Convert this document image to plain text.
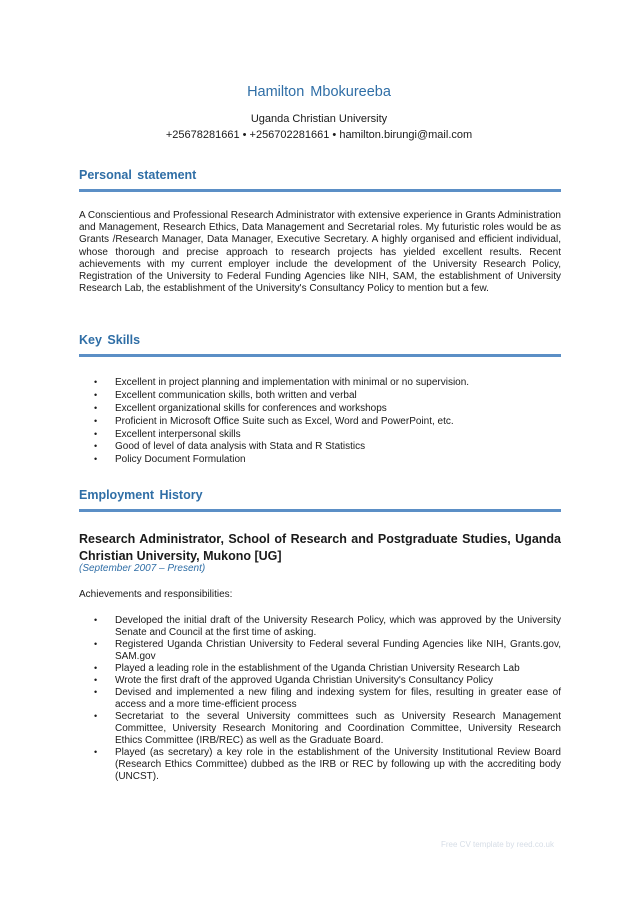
Hamilton Mbokureeba
Uganda Christian University
+25678281661 • +256702281661 • hamilton.birungi@mail.com
Personal statement
A Conscientious and Professional Research Administrator with extensive experience in Grants Administration and Management, Research Ethics, Data Management and Secretarial roles. My futuristic roles would be as Grants /Research Manager, Data Manager, Executive Secretary. A highly organised and efficient individual, whose thorough and precise approach to research projects has yielded excellent results. Recent achievements with my current employer include the development of the University Research Policy, Registration of the University to Federal Funding Agencies like NIH, SAM, the establishment of University Research Lab, the establishment of the University's Consultancy Policy to mention but a few.
Key Skills
• Excellent in project planning and implementation with minimal or no supervision.
• Excellent communication skills, both written and verbal
• Excellent organizational skills for conferences and workshops
• Proficient in Microsoft Office Suite such as Excel, Word and PowerPoint, etc.
• Excellent interpersonal skills
• Good of level of data analysis with Stata and R Statistics
• Policy Document Formulation
Employment History
Research Administrator, School of Research and Postgraduate Studies, Uganda Christian University, Mukono [UG]
(September 2007 – Present)
Achievements and responsibilities:
• Developed the initial draft of the University Research Policy, which was approved by the University Senate and Council at the first time of asking.
• Registered Uganda Christian University to Federal several Funding Agencies like NIH, Grants.gov, SAM.gov
• Played a leading role in the establishment of the Uganda Christian University Research Lab
• Wrote the first draft of the approved Uganda Christian University's Consultancy Policy
• Devised and implemented a new filing and indexing system for files, resulting in greater ease of access and a more time-efficient process
• Secretariat to the several University committees such as University Research Management Committee, University Research Monitoring and Coordination Committee, University Research Ethics Committee (IRB/REC) as well as the Graduate Board.
• Played (as secretary) a key role in the establishment of the University Institutional Review Board (Research Ethics Committee) dubbed as the IRB or REC by following up with the accrediting body (UNCST).
Free CV template by reed.co.uk
